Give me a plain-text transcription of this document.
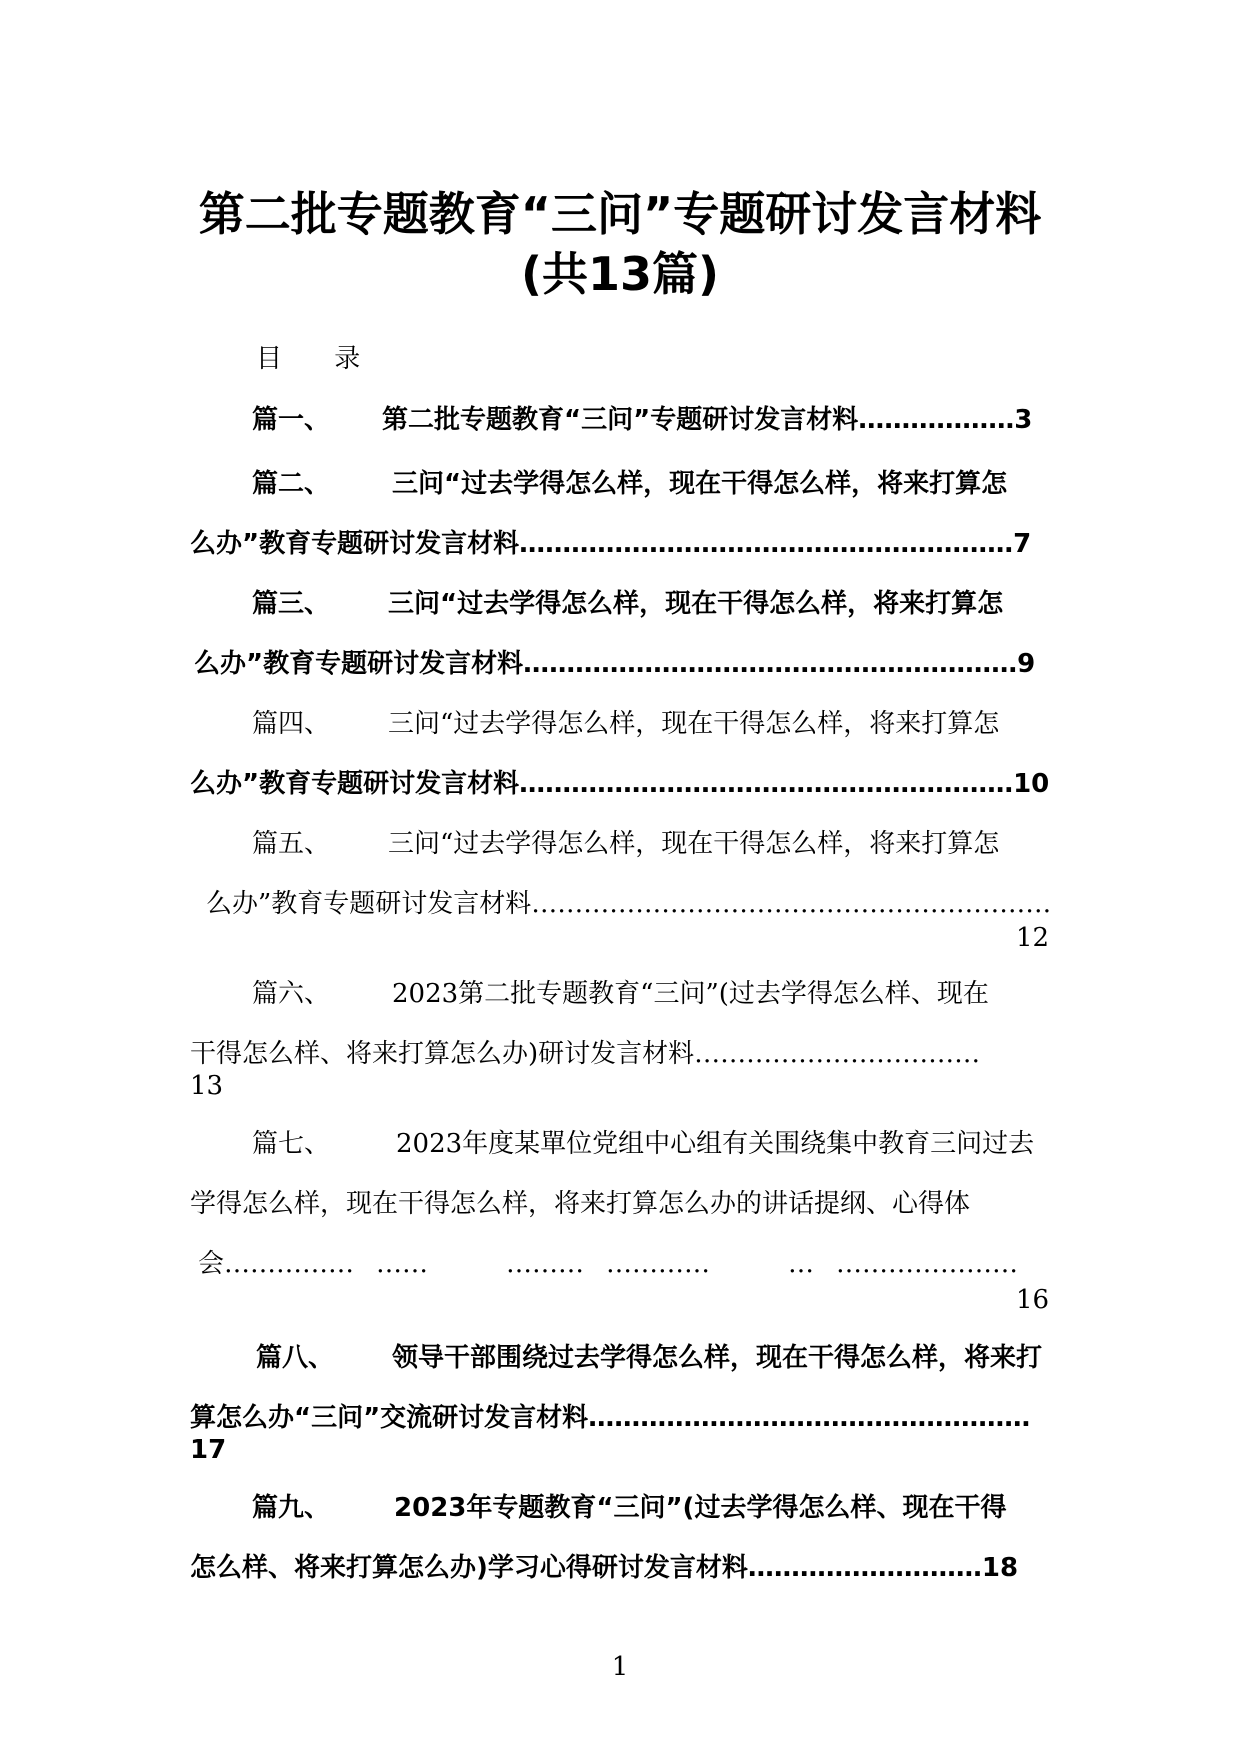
第二批专题教育“三问”专题研讨发言材料
(共13篇)
目 录
篇一、 第二批专题教育“三问”专题研讨发言材料………………3
篇二、 三问“过去学得怎么样，现在干得怎么样，将来打算怎
么办”教育专题研讨发言材料…………………………………………………7
篇三、 三问“过去学得怎么样，现在干得怎么样，将来打算怎
么办”教育专题研讨发言材料…………………………………………………9
篇四、 三问“过去学得怎么样，现在干得怎么样，将来打算怎
么办”教育专题研讨发言材料…………………………………………………10
篇五、 三问“过去学得怎么样，现在干得怎么样，将来打算怎
么办”教育专题研讨发言材料……………………………………………………
12
篇六、 2023第二批专题教育“三问”(过去学得怎么样、现在
干得怎么样、将来打算怎么办)研讨发言材料……………………………
13
篇七、	2023年度某單位党组中心组有关围绕集中教育三问过去
学得怎么样，现在干得怎么样，将来打算怎么办的讲话提纲、心得体
会…………… ……	……… …………	… …………………
16
篇八、 领导干部围绕过去学得怎么样，现在干得怎么样，将来打
算怎么办“三问”交流研讨发言材料……………………………………………
17
篇九、 2023年专题教育“三问”(过去学得怎么样、现在干得
怎么样、将来打算怎么办)学习心得研讨发言材料………………………18
1
